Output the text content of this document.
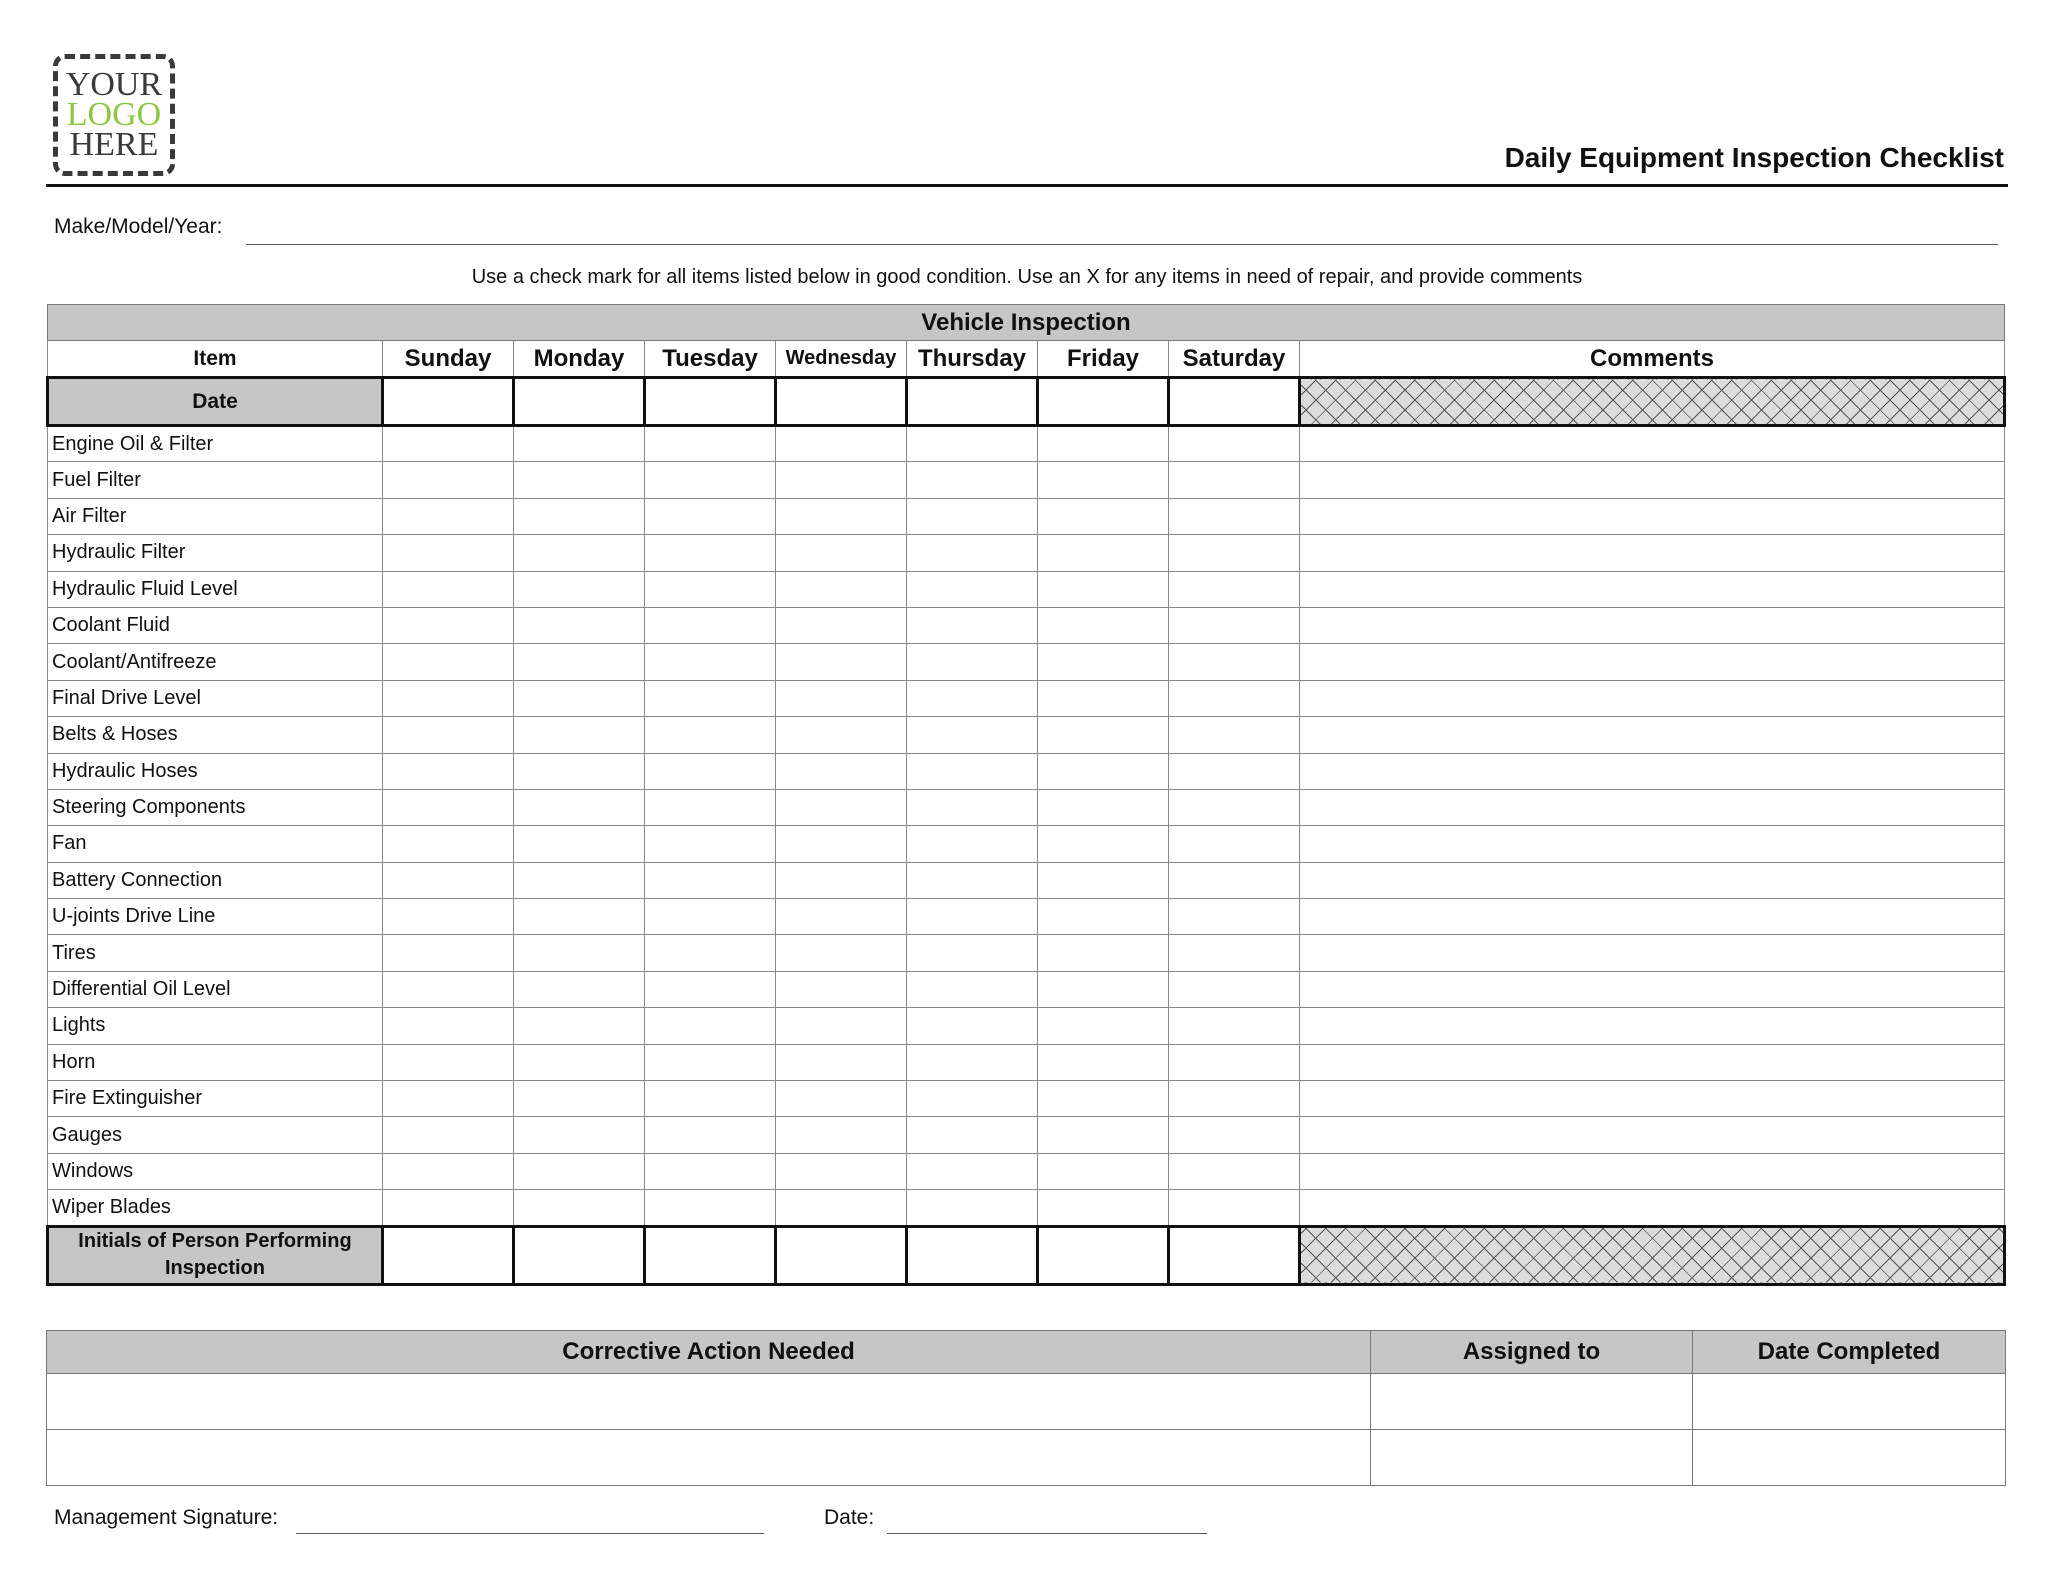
YOUR
LOGO
HERE	Daily Equipment Inspection Checklist
Make/Model/Year:
Use a check mark for all items listed below in good condition. Use an X for any items in need of repair, and provide comments
Vehicle Inspection								
Item	Sunday	Monday	Tuesday	Wednesday	Thursday	Friday	Saturday	Comments
Date								
Engine Oil & Filter								
Fuel Filter								
Air Filter								
Hydraulic Filter								
Hydraulic Fluid Level								
Coolant Fluid								
Coolant/Antifreeze								
Final Drive Level								
Belts & Hoses								
Hydraulic Hoses								
Steering Components								
Fan								
Battery Connection								
U-joints Drive Line								
Tires								
Differential Oil Level								
Lights								
Horn								
Fire Extinguisher								
Gauges								
Windows								
Wiper Blades								

Initials of Person Performing
Inspection								

Corrective Action Needed	Assigned to	Date Completed

Management Signature:	Date:
